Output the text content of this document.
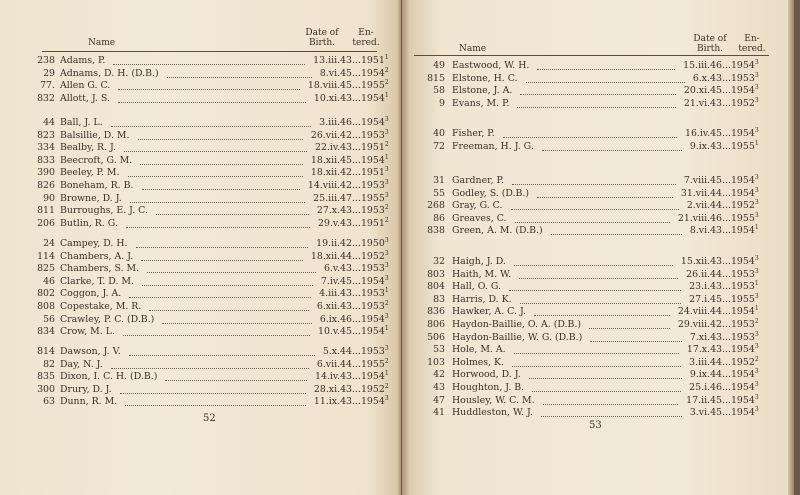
Name
Date of Birth.
En- tered.
238 Adams, P.	13.iii.43 ...1951$^1$
29 Adnams, D. H. (D.B.)	8.vi.45 ...1954$^2$
77. Allen G. C.	18.viii.45 ...1955$^2$
832 Allott, J. S.	10.xi.43 ...1954$^1$
44 Ball, J. L.	3.iii.46 ...1954$^3$
823 Balsillie, D. M.	26.vii.42 ...1953$^3$
334 Bealby, R. J.	22.iv.43 ...1951$^2$
833 Beecroft, G. M.	18.xii.45 ...1954$^1$
390 Beeley, P. M.	18.xii.42 ...1951$^3$
826 Boneham, R. B.	14.viii.42 ...1953$^3$
90 Browne, D. J.	25.iii.47 ...1955$^3$
811 Burroughs, E. J. C.	27.x.43 ...1953$^2$
206 Butlin, R. G.	29.v.43 ...1951$^2$
24 Campey, D. H.	19.ii.42 ...1950$^3$
114 Chambers, A. J.	18.xii.44 ...1952$^3$
825 Chambers, S. M.	6.v.43 ...1953$^3$
46 Clarke, T. D. M.	7.iv.45 ...1954$^3$
802 Coggon, J. A.	4.iii.43 ...1953$^1$
808 Copestake, M. R.	6.xii.43 ...1953$^2$
56 Crawley, P. C. (D.B.)	6.ix.46 ...1954$^3$
834 Crow, M. L.	10.v.45 ...1954$^1$
814 Dawson, J. V.	5.x.44 ...1953$^3$
82 Day, N. J.	6.vii.44 ...1955$^2$
835 Dixon, I. C. H. (D.B.)	14.iv.43 ...1954$^1$
300 Drury, D. J.	28.xi.43 ...1952$^2$
63 Dunn, R. M.	11.ix.43 ...1954$^3$
52
Name
Date of Birth.
En- tered.
49 Eastwood, W. H.	15.iii.46 ...1954$^3$
815 Elstone, H. C.	6.x.43 ...1953$^3$
58 Elstone, J. A.	20.xi.45 ...1954$^3$
9 Evans, M. P.	21.vi.43 ...1952$^3$
40 Fisher, P.	16.iv.45 ...1954$^3$
72 Freeman, H. J. G.	9.ix.43 ...1955$^1$
31 Gardner, P.	7.viii.45 ...1954$^3$
55 Godley, S. (D.B.)	31.vii.44 ...1954$^3$
268 Gray, G. C.	2.vii.44 ...1952$^3$
86 Greaves, C.	21.viii.46 ...1955$^3$
838 Green, A. M. (D.B.)	8.vi.43 ...1954$^1$
32 Haigh, J. D.	15.xii.43 ...1954$^3$
803 Haith, M. W.	26.ii.44 ...1953$^3$
804 Hall, O. G.	23.i.43 ...1953$^1$
83 Harris, D. K.	27.i.45 ...1955$^3$
836 Hawker, A. C. J.	24.viii.44 ...1954$^1$
806 Haydon-Baillie, O. A. (D.B.)	29.viii.42 ...1953$^2$
506 Haydon-Baillie, W. G. (D.B.)	7.xi.43 ...1953$^3$
53 Hole, M. A.	17.x.43 ...1954$^3$
103 Holmes, K.	3.iii.44 ...1952$^2$
42 Horwood, D. J.	9.ix.44 ...1954$^3$
43 Houghton, J. B.	25.i.46 ...1954$^3$
47 Housley, W. C. M.	17.ii.45 ...1954$^3$
41 Huddleston, W. J.	3.vi.45 ...1954$^3$
53
